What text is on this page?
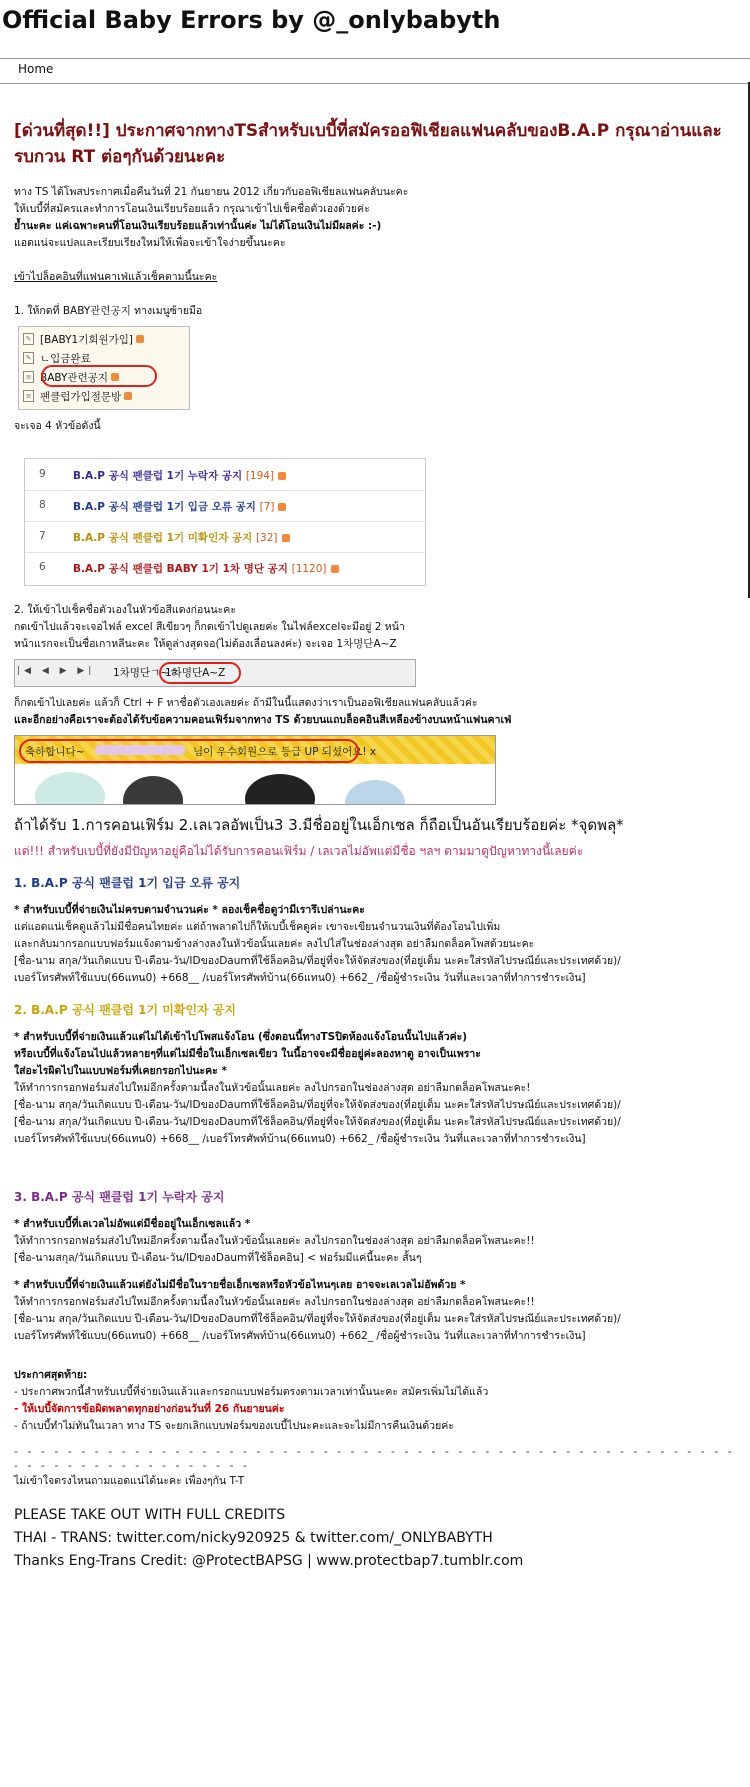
Official Baby Errors by @_onlybabyth
Home
[ด่วนที่สุด!!] ประกาศจากทางTSสำหรับเบบี้ที่สมัครออฟิเชียลแฟนคลับของB.A.P กรุณาอ่านและรบกวน RT ต่อๆกันด้วยนะคะ

ทาง TS ได้โพสประกาศเมื่อคืนวันที่ 21 กันยายน 2012 เกี่ยวกับออฟิเชียลแฟนคลับนะคะ

ให้เบบี้ที่สมัครและทำการโอนเงินเรียบร้อยแล้ว กรุณาเข้าไปเช็คชื่อตัวเองด้วยค่ะ

ย้ำนะคะ แค่เฉพาะคนที่โอนเงินเรียบร้อยแล้วเท่านั้นค่ะ ไม่ได้โอนเงินไม่มีผลค่ะ :-)

แอดแน่จะแปลและเรียบเรียงใหม่ให้เพื่อจะเข้าใจง่ายขึ้นนะคะ

เข้าไปล็อคอินที่แฟนคาเฟ่แล้วเช็คตามนี้นะคะ

1. ให้กดที่ BABY관련공지 ทางเมนูซ้ายมือ

✎ [BABY1기회원가입]
✎ ㄴ입금완료
≡ BABY관련공지
≡ 팬클럽가입절문방

จะเจอ 4 หัวข้อดังนี้

9	B.A.P 공식 팬클럽 1기 누락자 공지 [194]
8	B.A.P 공식 팬클럽 1기 입금 오류 공지 [7]
7	B.A.P 공식 팬클럽 1기 미확인자 공지 [32]
6	B.A.P 공식 팬클럽 BABY 1기 1차 명단 공지 [1120]

2. ให้เข้าไปเช็คชื่อตัวเองในหัวข้อสีแดงก่อนนะคะ

กดเข้าไปแล้วจะเจอไฟล์ excel สีเขียวๆ ก็กดเข้าไปดูเลยค่ะ ในไฟล์excelจะมีอยู่ 2 หน้า

หน้าแรกจะเป็นชื่อเกาหลีนะคะ ให้ดูล่างสุดจอ(ไม่ต้องเลื่อนลงค่ะ) จะเจอ 1차명단A~Z

|◀ ◀ ▶ ▶| 1차명단ㄱ~ㅎ
1차명단A~Z

ก็กดเข้าไปเลยค่ะ แล้วก็ Ctrl + F หาชื่อตัวเองเลยค่ะ ถ้ามีในนี้แสดงว่าเราเป็นออฟิเชียลแฟนคลับแล้วค่ะ

และอีกอย่างคือเราจะต้องได้รับข้อความคอนเฟิร์มจากทาง TS ด้วยบนแถบล็อคอินสีเหลืองข้างบนหน้าแฟนคาเฟ่

축하합니다~	님이 우수회원으로 등급 UP 되셨어요! x

ถ้าได้รับ 1.การคอนเฟิร์ม 2.เลเวลอัพเป็น3 3.มีชื่ออยู่ในเอ็กเซล ก็ถือเป็นอันเรียบร้อยค่ะ *จุดพลุ*

แต่!!! สำหรับเบบี้ที่ยังมีปัญหาอยู่คือไม่ได้รับการคอนเฟิร์ม / เลเวลไม่อัพแต่มีชื่อ ฯลฯ ตามมาดูปัญหาทางนี้เลยค่ะ

1. B.A.P 공식 팬클럽 1기 입금 오류 공지

* สำหรับเบบี้ที่จ่ายเงินไม่ครบตามจำนวนค่ะ * ลองเช็คชื่อดูว่ามีเรารึเปล่านะคะ

แต่แอดแน่เช็คดูแล้วไม่มีชื่อคนไทยค่ะ แต่ถ้าพลาดไปก็ให้เบบี้เช็คดูค่ะ เขาจะเขียนจำนวนเงินที่ต้องโอนไปเพิ่ม

และกลับมากรอกแบบฟอร์มแจ้งตามข้างล่างลงในหัวข้อนั้นเลยค่ะ ลงไปไส่ในช่องล่างสุด อย่าลืมกดล็อคโพสด้วยนะคะ

[ชื่อ-นาม สกุล/วันเกิดแบบ ปี-เดือน-วัน/IDของDaumที่ใช้ล็อคอิน/ที่อยู่ที่จะให้จัดส่งของ(ที่อยู่เต็ม นะคะใส่รหัสไปรษณีย์และประเทศด้วย)/

เบอร์โทรศัพท์ใช้แบบ(66แทน0) +668__ /เบอร์โทรศัพท์บ้าน(66แทน0) +662_ /ชื่อผู้ชำระเงิน วันที่และเวลาที่ทำการชำระเงิน]

2. B.A.P 공식 팬클럽 1기 미확인자 공지

* สำหรับเบบี้ที่จ่ายเงินแล้วแต่ไม่ได้เข้าไปโพสแจ้งโอน (ซึ่งตอนนี้ทางTSปิดห้องแจ้งโอนนั้นไปแล้วค่ะ)

หรือเบบี้ที่แจ้งโอนไปแล้วหลายๆที่แต่ไม่มีชื่อในเอ็กเซลเขียว ในนี้อาจจะมีชื่ออยู่ค่ะลองหาดู อาจเป็นเพราะ

ใส่อะไรผิดไปในแบบฟอร์มที่เคยกรอกไปนะคะ *

ให้ทำการกรอกฟอร์มส่งไปใหม่อีกครั้งตามนี้ลงในหัวข้อนั้นเลยค่ะ ลงไปกรอกในช่องล่างสุด อย่าลืมกดล็อคโพสนะคะ!

[ชื่อ-นาม สกุล/วันเกิดแบบ ปี-เดือน-วัน/IDของDaumที่ใช้ล็อคอิน/ที่อยู่ที่จะให้จัดส่งของ(ที่อยู่เต็ม นะคะใส่รหัสไปรษณีย์และประเทศด้วย)/

[ชื่อ-นาม สกุล/วันเกิดแบบ ปี-เดือน-วัน/IDของDaumที่ใช้ล็อคอิน/ที่อยู่ที่จะให้จัดส่งของ(ที่อยู่เต็ม นะคะใส่รหัสไปรษณีย์และประเทศด้วย)/

เบอร์โทรศัพท์ใช้แบบ(66แทน0) +668__ /เบอร์โทรศัพท์บ้าน(66แทน0) +662_ /ชื่อผู้ชำระเงิน วันที่และเวลาที่ทำการชำระเงิน]

3. B.A.P 공식 팬클럽 1기 누락자 공지

* สำหรับเบบี้ที่เลเวลไม่อัพแต่มีชื่ออยู่ในเอ็กเซลแล้ว *

ให้ทำการกรอกฟอร์มส่งไปใหม่อีกครั้งตามนี้ลงในหัวข้อนั้นเลยค่ะ ลงไปกรอกในช่องล่างสุด อย่าลืมกดล็อคโพสนะคะ!!

[ชื่อ-นามสกุล/วันเกิดแบบ ปี-เดือน-วัน/IDของDaumที่ใช้ล็อคอิน] < ฟอร์มมีแค่นี้นะคะ สั้นๆ

* สำหรับเบบี้ที่จ่ายเงินแล้วแต่ยังไม่มีชื่อในรายชื่อเอ็กเซลหรือหัวข้อไหนๆเลย อาจจะเลเวลไม่อัพด้วย *

ให้ทำการกรอกฟอร์มส่งไปใหม่อีกครั้งตามนี้ลงในหัวข้อนั้นเลยค่ะ ลงไปกรอกในช่องล่างสุด อย่าลืมกดล็อคโพสนะคะ!!

[ชื่อ-นาม สกุล/วันเกิดแบบ ปี-เดือน-วัน/IDของDaumที่ใช้ล็อคอิน/ที่อยู่ที่จะให้จัดส่งของ(ที่อยู่เต็ม นะคะใส่รหัสไปรษณีย์และประเทศด้วย)/

เบอร์โทรศัพท์ใช้แบบ(66แทน0) +668__ /เบอร์โทรศัพท์บ้าน(66แทน0) +662_ /ชื่อผู้ชำระเงิน วันที่และเวลาที่ทำการชำระเงิน]

ประกาศสุดท้าย:

- ประกาศพวกนี้สำหรับเบบี้ที่จ่ายเงินแล้วและกรอกแบบฟอร์มตรงตามเวลาเท่านั้นนะคะ สมัครเพิ่มไม่ได้แล้ว

- ให้เบบี้จัดการข้อผิดพลาดทุกอย่างก่อนวันที่ 26 กันยายนค่ะ

- ถ้าเบบี้ทำไม่ทันในเวลา ทาง TS จะยกเลิกแบบฟอร์มของเบบี้ไปนะคะและจะไม่มีการคืนเงินด้วยค่ะ

- - - - - - - - - - - - - - - - - - - - - - - - - - - - - - - - - - - - - - - - - - - - - - - - - - - - - - - - - - - - - - - - - - - - - - - -

ไม่เข้าใจตรงไหนถามแอดแน่ได้นะคะ เพื่องๆกัน T-T

PLEASE TAKE OUT WITH FULL CREDITS

THAI - TRANS: twitter.com/nicky920925 & twitter.com/_ONLYBABYTH

Thanks Eng-Trans Credit: @ProtectBAPSG | www.protectbap7.tumblr.com
